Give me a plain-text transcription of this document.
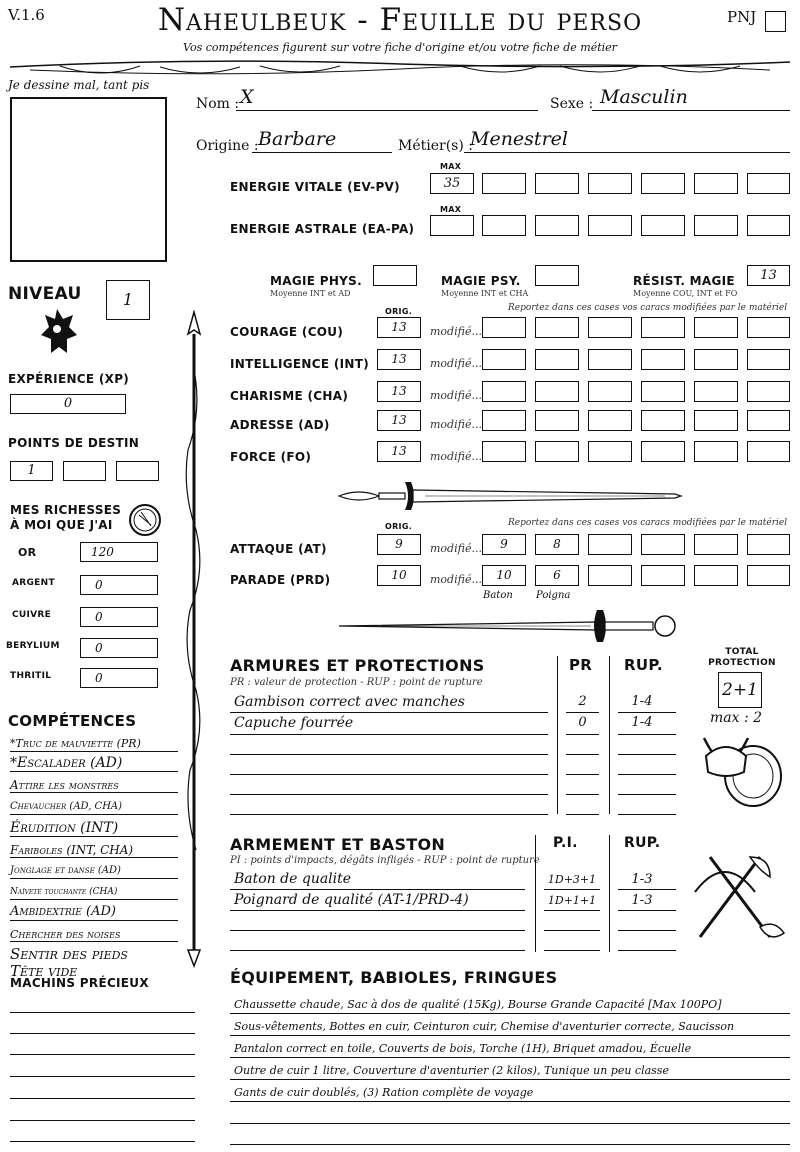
V.1.6	Naheulbeuk - Feuille du perso
Vos compétences figurent sur votre fiche d'origine et/ou votre fiche de métier
PNJ
Je dessine mal, tant pis
Nom : X	Sexe : Masculin
Origine : Barbare	Métier(s) :
Menestrel
MAX
ENERGIE VITALE (EV-PV)	35
MAX
ENERGIE ASTRALE (EA-PA)
MAGIE PHYS.
Moyenne INT et AD
MAGIE PSY.
Moyenne INT et CHA
RÉSIST. MAGIE
Moyenne COU, INT et FO
13
NIVEAU	1
EXPÉRIENCE (XP)
0
POINTS DE DESTIN
1
MES RICHESSES
À MOI QUE J'AI
OR	120
ARGENT	0
CUIVRE	0
BERYLIUM	0
THRITIL	0
ORIG.	Reportez dans ces cases vos caracs modifiées par le matériel
COURAGE (COU)	13	modifié...
INTELLIGENCE (INT)	13	modifié...
CHARISME (CHA)	13	modifié...
ADRESSE (AD)	13	modifié...
FORCE (FO)	13	modifié...
ORIG.	Reportez dans ces cases vos caracs modifiées par le matériel
ATTAQUE (AT)	9	modifié...	9	8
PARADE (PRD)	10	modifié...	10	6
Baton Poigna
COMPÉTENCES
*Truc de mauviette (PR)
*Escalader (AD)
Attire les monstres
Chevaucher (AD, CHA)
Érudition (INT)
Fariboles (INT, CHA)
Jonglage et danse (AD)
Naïveté touchante (CHA)
Ambidextrie (AD)
Chercher des noises
Sentir des pieds
Tête vide
MACHINS PRÉCIEUX
ARMURES ET PROTECTIONS
PR : valeur de protection - RUP : point de rupture
PR RUP.
Gambison correct avec manches	2	1-4
Capuche fourrée	0	1-4
TOTAL
PROTECTION
2+1
max : 2
ARMEMENT ET BASTON
PI : points d'impacts, dégâts infligés - RUP : point de rupture
P.I.	RUP.
Baton de qualite	1D+3+1	1-3
Poignard de qualité (AT-1/PRD-4)	1D+1+1	1-3
ÉQUIPEMENT, BABIOLES, FRINGUES
Chaussette chaude, Sac à dos de qualité (15Kg), Bourse Grande Capacité [Max 100PO]
Sous-vêtements, Bottes en cuir, Ceinturon cuir, Chemise d'aventurier correcte, Saucisson
Pantalon correct en toile, Couverts de bois, Torche (1H), Briquet amadou, Écuelle
Outre de cuir 1 litre, Couverture d'aventurier (2 kilos), Tunique un peu classe
Gants de cuir doublés, (3) Ration complète de voyage
